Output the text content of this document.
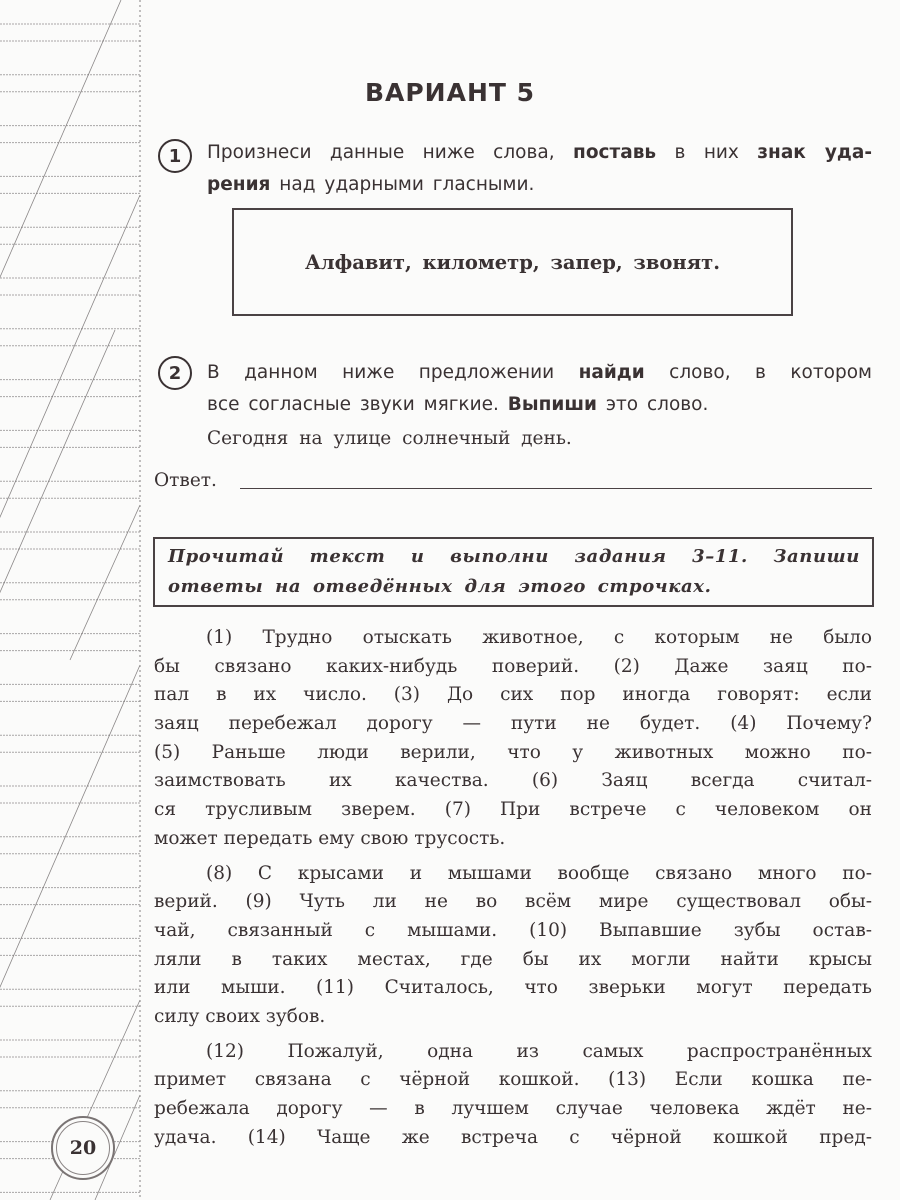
20
ВАРИАНТ 5
1 Произнеси данные ниже слова, поставь в них знак уда-
рения над ударными гласными.
Алфавит, километр, запер, звонят.
2 В данном ниже предложении найди слово, в котором
все согласные звуки мягкие. Выпиши это слово.
Сегодня на улице солнечный день.
Ответ.
Прочитай текст и выполни задания 3–11. Запиши
ответы на отведённых для этого строчках.
(1) Трудно отыскать животное, с которым не было
бы связано каких-нибудь поверий. (2) Даже заяц по-
пал в их число. (3) До сих пор иногда говорят: если
заяц перебежал дорогу — пути не будет. (4) Почему?
(5) Раньше люди верили, что у животных можно по-
заимствовать их качества. (6) Заяц всегда считал-
ся трусливым зверем. (7) При встрече с человеком он
может передать ему свою трусость.
(8) С крысами и мышами вообще связано много по-
верий. (9) Чуть ли не во всём мире существовал обы-
чай, связанный с мышами. (10) Выпавшие зубы остав-
ляли в таких местах, где бы их могли найти крысы
или мыши. (11) Считалось, что зверьки могут передать
силу своих зубов.
(12) Пожалуй, одна из самых распространённых
примет связана с чёрной кошкой. (13) Если кошка пе-
ребежала дорогу — в лучшем случае человека ждёт не-
удача. (14) Чаще же встреча с чёрной кошкой пред-
